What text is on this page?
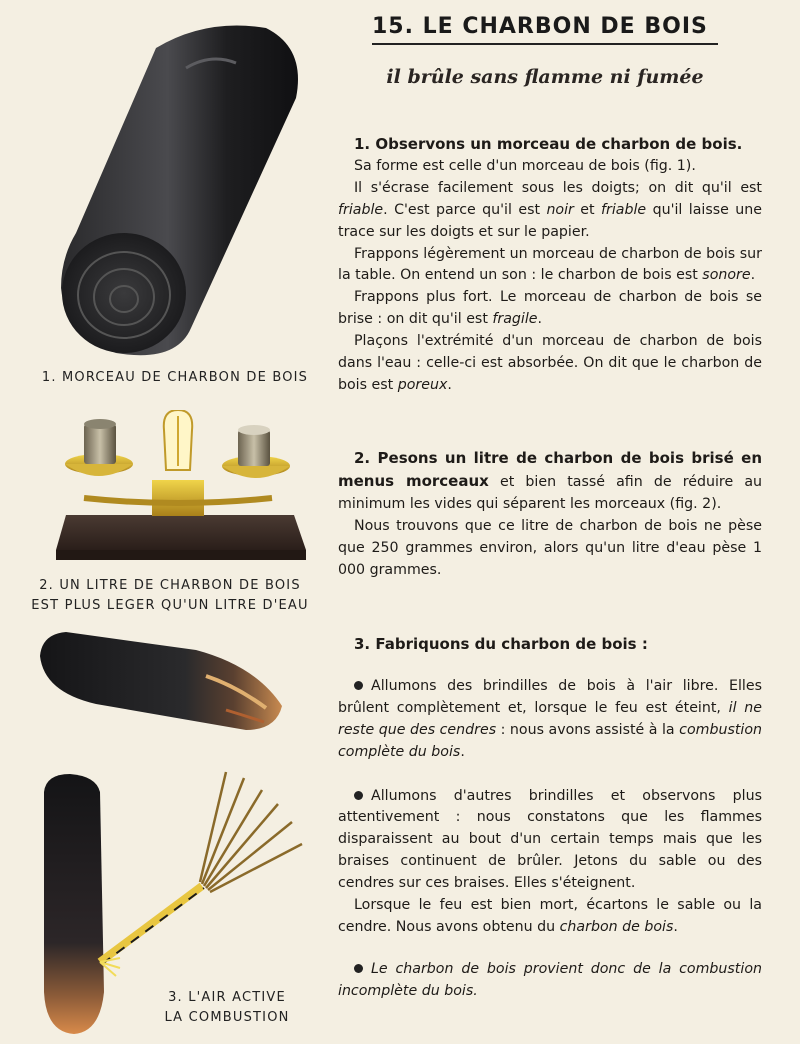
1. MORCEAU DE CHARBON DE BOIS
2. UN LITRE DE CHARBON DE BOIS
EST PLUS LEGER QU'UN LITRE D'EAU
3. L'AIR ACTIVE
LA COMBUSTION
15. LE CHARBON DE BOIS
il brûle sans flamme ni fumée

1. Observons un morceau de charbon de bois.

Sa forme est celle d'un morceau de bois (fig. 1).

Il s'écrase facilement sous les doigts; on dit qu'il est friable. C'est parce qu'il est noir et friable qu'il laisse une trace sur les doigts et sur le papier.

Frappons légèrement un morceau de charbon de bois sur la table. On entend un son : le charbon de bois est sonore.

Frappons plus fort. Le morceau de charbon de bois se brise : on dit qu'il est fragile.

Plaçons l'extrémité d'un morceau de charbon de bois dans l'eau : celle-ci est absorbée. On dit que le charbon de bois est poreux.

2. Pesons un litre de charbon de bois brisé en menus morceaux et bien tassé afin de réduire au minimum les vides qui séparent les morceaux (fig. 2).

Nous trouvons que ce litre de charbon de bois ne pèse que 250 grammes environ, alors qu'un litre d'eau pèse 1 000 grammes.

3. Fabriquons du charbon de bois :

Allumons des brindilles de bois à l'air libre. Elles brûlent complètement et, lorsque le feu est éteint, il ne reste que des cendres : nous avons assisté à la combustion complète du bois.

Allumons d'autres brindilles et observons plus attentivement : nous constatons que les flammes disparaissent au bout d'un certain temps mais que les braises continuent de brûler. Jetons du sable ou des cendres sur ces braises. Elles s'éteignent.

Lorsque le feu est bien mort, écartons le sable ou la cendre. Nous avons obtenu du charbon de bois.

Le charbon de bois provient donc de la combustion incomplète du bois.
